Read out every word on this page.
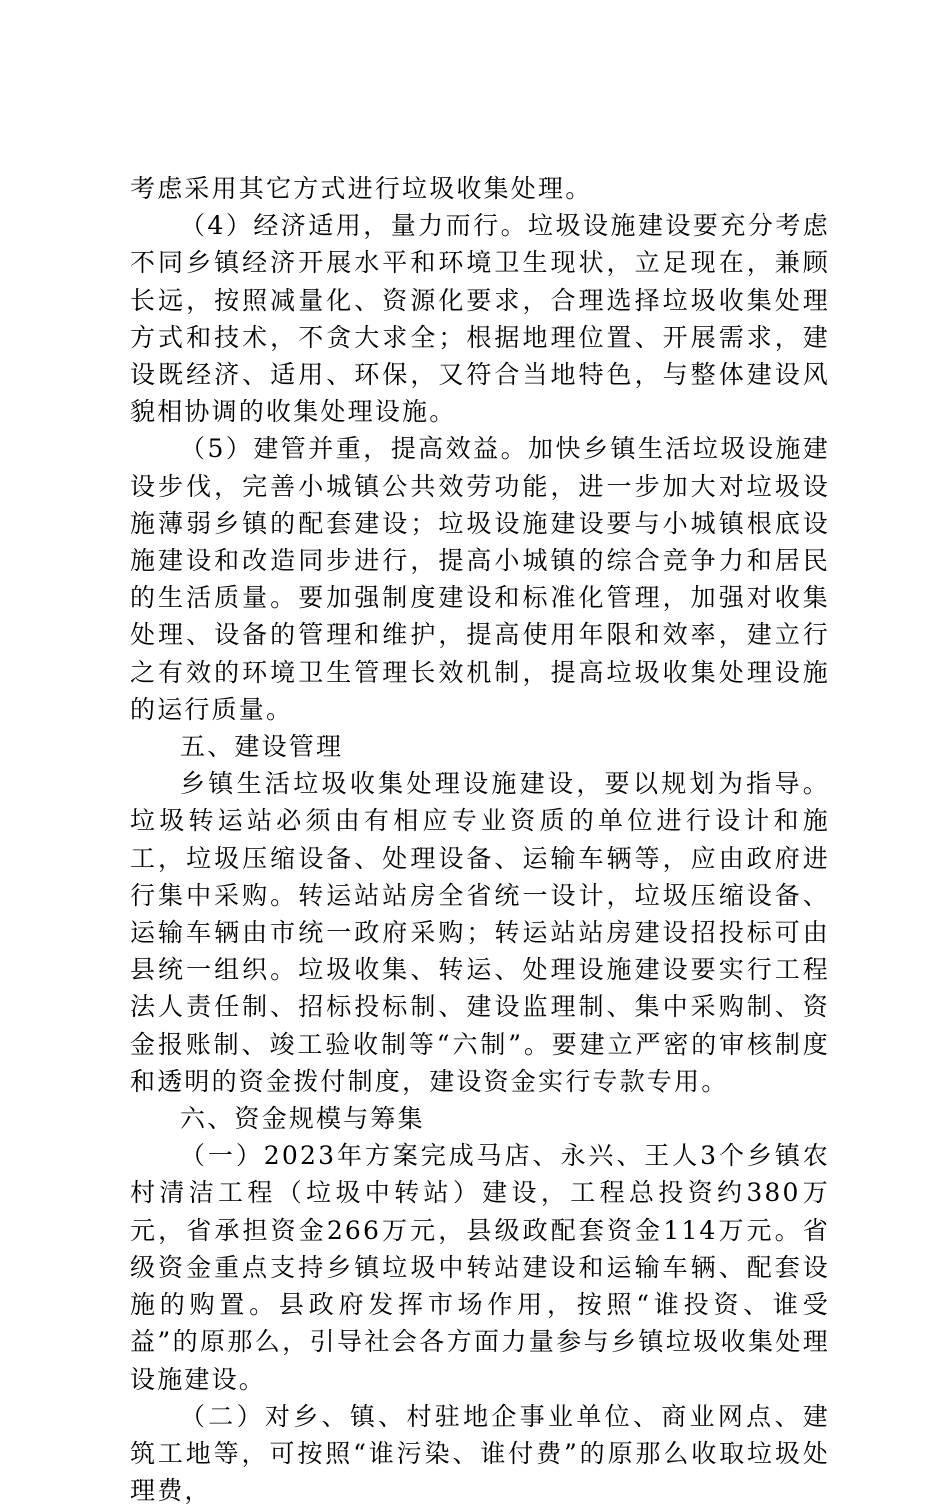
考虑采用其它方式进行垃圾收集处理。

（4）经济适用，量力而行。垃圾设施建设要充分考虑不同乡镇经济开展水平和环境卫生现状，立足现在，兼顾长远，按照减量化、资源化要求，合理选择垃圾收集处理方式和技术，不贪大求全；根据地理位置、开展需求，建设既经济、适用、环保，又符合当地特色，与整体建设风貌相协调的收集处理设施。

（5）建管并重，提高效益。加快乡镇生活垃圾设施建设步伐，完善小城镇公共效劳功能，进一步加大对垃圾设施薄弱乡镇的配套建设；垃圾设施建设要与小城镇根底设施建设和改造同步进行，提高小城镇的综合竞争力和居民的生活质量。要加强制度建设和标准化管理，加强对收集处理、设备的管理和维护，提高使用年限和效率，建立行之有效的环境卫生管理长效机制，提高垃圾收集处理设施的运行质量。

五、建设管理

乡镇生活垃圾收集处理设施建设，要以规划为指导。垃圾转运站必须由有相应专业资质的单位进行设计和施工，垃圾压缩设备、处理设备、运输车辆等，应由政府进行集中采购。转运站站房全省统一设计，垃圾压缩设备、运输车辆由市统一政府采购；转运站站房建设招投标可由县统一组织。垃圾收集、转运、处理设施建设要实行工程法人责任制、招标投标制、建设监理制、集中采购制、资金报账制、竣工验收制等“六制”。要建立严密的审核制度和透明的资金拨付制度，建设资金实行专款专用。

六、资金规模与筹集

（一）2023年方案完成马店、永兴、王人3个乡镇农村清洁工程（垃圾中转站）建设，工程总投资约380万元，省承担资金266万元，县级政配套资金114万元。省级资金重点支持乡镇垃圾中转站建设和运输车辆、配套设施的购置。县政府发挥市场作用，按照“谁投资、谁受益”的原那么，引导社会各方面力量参与乡镇垃圾收集处理设施建设。

（二）对乡、镇、村驻地企事业单位、商业网点、建筑工地等，可按照“谁污染、谁付费”的原那么收取垃圾处理费，
